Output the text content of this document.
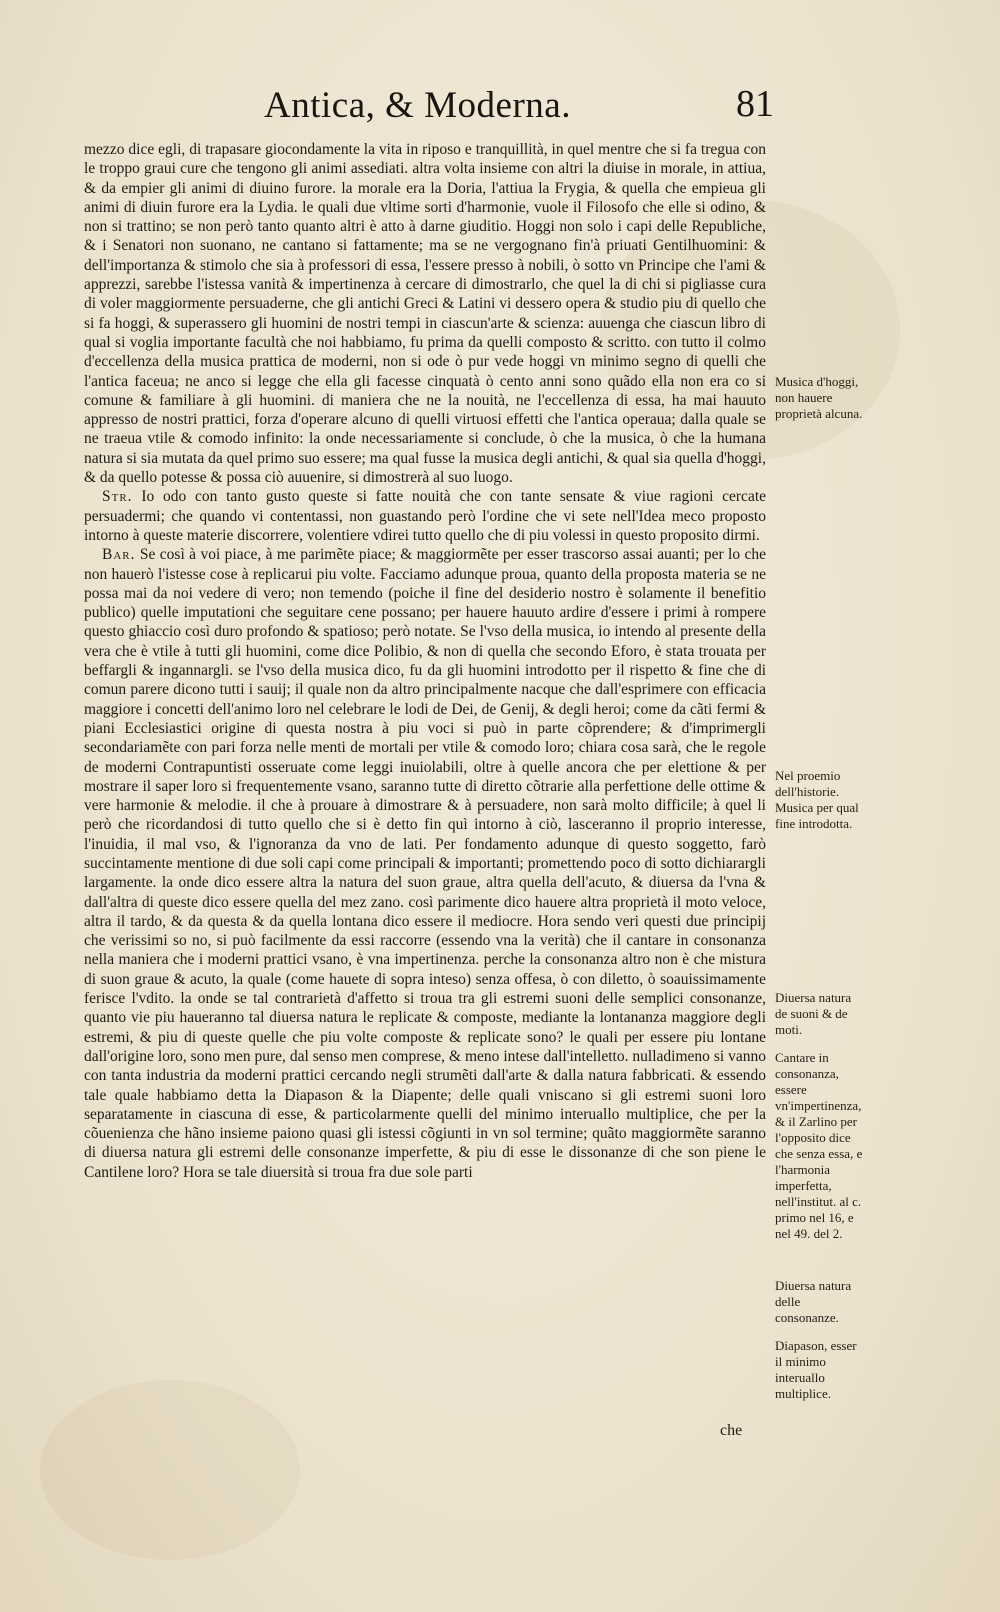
Antica, & Moderna.	81

mezzo dice egli, di trapasare giocondamente la vita in riposo e tranquillità, in quel mentre che si fa tregua con le troppo graui cure che tengono gli animi assediati. altra volta insieme con altri la diuise in morale, in attiua, & da empier gli animi di diuino furore. la morale era la Doria, l'attiua la Frygia, & quella che empieua gli animi di diuin furore era la Lydia. le quali due vltime sorti d'harmonie, vuole il Filosofo che elle si odino, & non si trattino; se non però tanto quanto altri è atto à darne giuditio. Hoggi non solo i capi delle Republiche, & i Senatori non suonano, ne cantano si fattamente; ma se ne vergognano fin'à priuati Gentilhuomini: & dell'importanza & stimolo che sia à professori di essa, l'essere presso à nobili, ò sotto vn Principe che l'ami & apprezzi, sarebbe l'istessa vanità & impertinenza à cercare di dimostrarlo, che quel la di chi si pigliasse cura di voler maggiormente persuaderne, che gli antichi Greci & Latini vi dessero opera & studio piu di quello che si fa hoggi, & superassero gli huomini de nostri tempi in ciascun'arte & scienza: auuenga che ciascun libro di qual si voglia importante facultà che noi habbiamo, fu prima da quelli composto & scritto. con tutto il colmo d'eccellenza della musica prattica de moderni, non si ode ò pur vede hoggi vn minimo segno di quelli che l'antica faceua; ne anco si legge che ella gli facesse cinquatà ò cento anni sono quãdo ella non era co si comune & familiare à gli huomini. di maniera che ne la nouità, ne l'eccellenza di essa, ha mai hauuto appresso de nostri prattici, forza d'operare alcuno di quelli virtuosi effetti che l'antica operaua; dalla quale se ne traeua vtile & comodo infinito: la onde necessariamente si conclude, ò che la musica, ò che la humana natura si sia mutata da quel primo suo essere; ma qual fusse la musica degli antichi, & qual sia quella d'hoggi, & da quello potesse & possa ciò auuenire, si dimostrerà al suo luogo.

Str. Io odo con tanto gusto queste si fatte nouità che con tante sensate & viue ragioni cercate persuadermi; che quando vi contentassi, non guastando però l'ordine che vi sete nell'Idea meco proposto intorno à queste materie discorrere, volentiere vdirei tutto quello che di piu volessi in questo proposito dirmi.

Bar. Se così à voi piace, à me parimẽte piace; & maggiormẽte per esser trascorso assai auanti; per lo che non hauerò l'istesse cose à replicarui piu volte. Facciamo adunque proua, quanto della proposta materia se ne possa mai da noi vedere di vero; non temendo (poiche il fine del desiderio nostro è solamente il benefitio publico) quelle imputationi che seguitare cene possano; per hauere hauuto ardire d'essere i primi à rompere questo ghiaccio così duro profondo & spatioso; però notate. Se l'vso della musica, io intendo al presente della vera che è vtile à tutti gli huomini, come dice Polibio, & non di quella che secondo Eforo, è stata trouata per beffargli & ingannargli. se l'vso della musica dico, fu da gli huomini introdotto per il rispetto & fine che di comun parere dicono tutti i sauij; il quale non da altro principalmente nacque che dall'esprimere con efficacia maggiore i concetti dell'animo loro nel celebrare le lodi de Dei, de Genij, & degli heroi; come da cãti fermi & piani Ecclesiastici origine di questa nostra à piu voci si può in parte cõprendere; & d'imprimergli secondariamẽte con pari forza nelle menti de mortali per vtile & comodo loro; chiara cosa sarà, che le regole de moderni Contrapuntisti osseruate come leggi inuiolabili, oltre à quelle ancora che per elettione & per mostrare il saper loro si frequentemente vsano, saranno tutte di diretto cõtrarie alla perfettione delle ottime & vere harmonie & melodie. il che à prouare à dimostrare & à persuadere, non sarà molto difficile; à quel li però che ricordandosi di tutto quello che si è detto fin quì intorno à ciò, lasceranno il proprio interesse, l'inuidia, il mal vso, & l'ignoranza da vno de lati. Per fondamento adunque di questo soggetto, farò succintamente mentione di due soli capi come principali & importanti; promettendo poco di sotto dichiarargli largamente. la onde dico essere altra la natura del suon graue, altra quella dell'acuto, & diuersa da l'vna & dall'altra di queste dico essere quella del mez zano. così parimente dico hauere altra proprietà il moto veloce, altra il tardo, & da questa & da quella lontana dico essere il mediocre. Hora sendo veri questi due principij che verissimi so no, si può facilmente da essi raccorre (essendo vna la verità) che il cantare in consonanza nella maniera che i moderni prattici vsano, è vna impertinenza. perche la consonanza altro non è che mistura di suon graue & acuto, la quale (come hauete di sopra inteso) senza offesa, ò con diletto, ò soauissimamente ferisce l'vdito. la onde se tal contrarietà d'affetto si troua tra gli estremi suoni delle semplici consonanze, quanto vie piu haueranno tal diuersa natura le replicate & composte, mediante la lontananza maggiore degli estremi, & piu di queste quelle che piu volte composte & replicate sono? le quali per essere piu lontane dall'origine loro, sono men pure, dal senso men comprese, & meno intese dall'intelletto. nulladimeno si vanno con tanta industria da moderni prattici cercando negli strumẽti dall'arte & dalla natura fabbricati. & essendo tale quale habbiamo detta la Diapason & la Diapente; delle quali vniscano si gli estremi suoni loro separatamente in ciascuna di esse, & particolarmente quelli del minimo interuallo multiplice, che per la cõuenienza che hãno insieme paiono quasi gli istessi cõgiunti in vn sol termine; quãto maggiormẽte saranno di diuersa natura gli estremi delle consonanze imperfette, & piu di esse le dissonanze di che son piene le Cantilene loro? Hora se tale diuersità si troua fra due sole parti

che
Musica d'hoggi, non hauere proprietà alcuna.
Nel proemio dell'historie. Musica per qual fine introdotta.
Diuersa natura de suoni & de moti.
Cantare in consonanza, essere vn'impertinenza, & il Zarlino per l'opposito dice che senza essa, e l'harmonia imperfetta, nell'institut. al c. primo nel 16, e nel 49. del 2.
Diuersa natura delle consonanze.
Diapason, esser il minimo interuallo multiplice.
